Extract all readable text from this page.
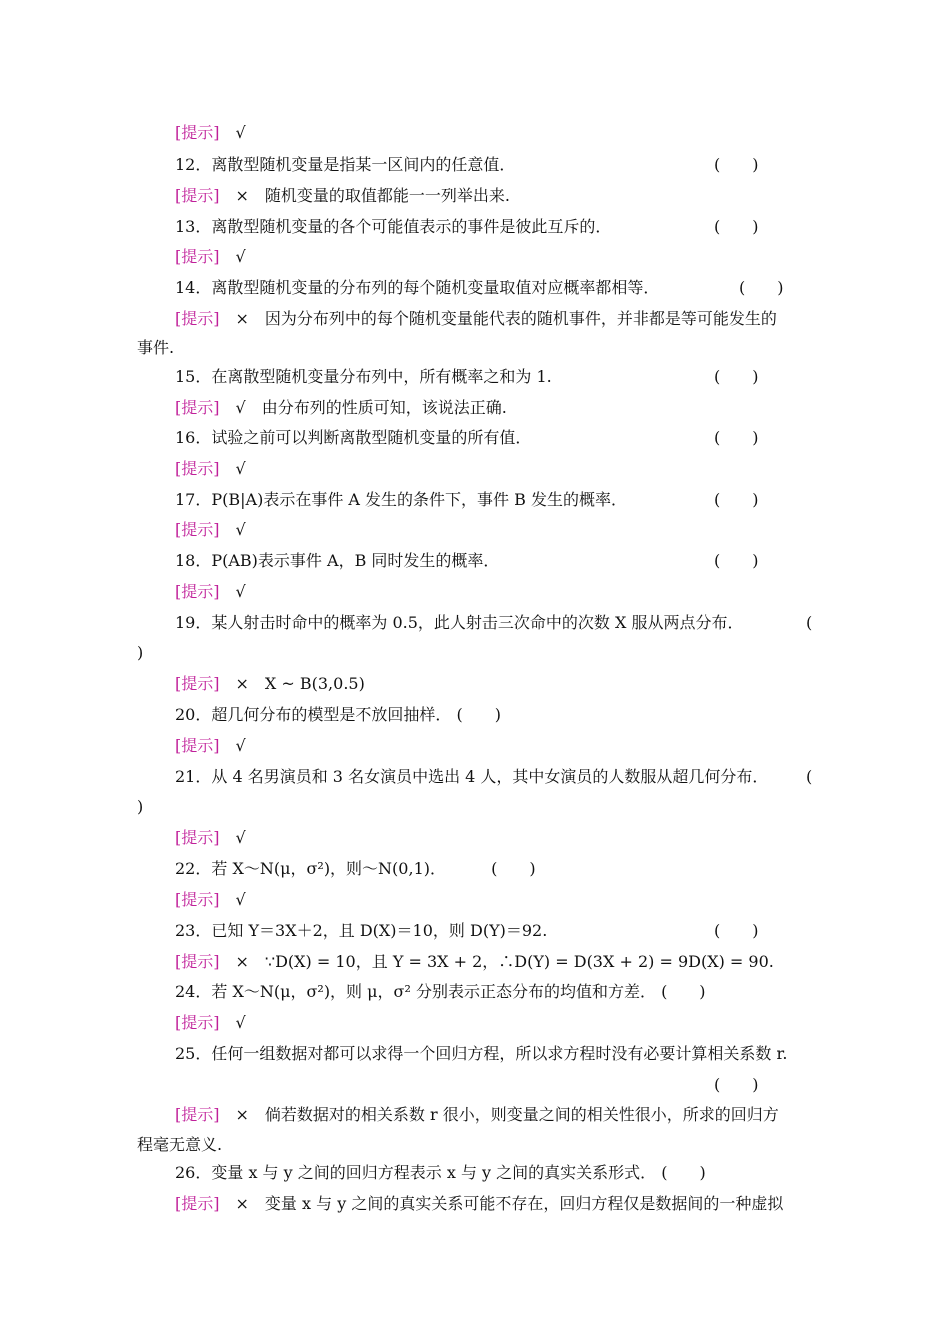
[提示] √
12．离散型随机变量是指某一区间内的任意值．	(　　)
[提示] × 随机变量的取值都能一一列举出来.
13．离散型随机变量的各个可能值表示的事件是彼此互斥的．	(　　)
[提示] √
14．离散型随机变量的分布列的每个随机变量取值对应概率都相等．	(　　)
[提示] × 因为分布列中的每个随机变量能代表的随机事件，并非都是等可能发生的
事件.
15．在离散型随机变量分布列中，所有概率之和为 1.	(　　)
[提示] √ 由分布列的性质可知，该说法正确.
16．试验之前可以判断离散型随机变量的所有值．	(　　)
[提示] √
17．P(B|A)表示在事件 A 发生的条件下，事件 B 发生的概率．	(　　)
[提示] √
18．P(AB)表示事件 A，B 同时发生的概率．	(　　)
[提示] √
19．某人射击时命中的概率为 0.5，此人射击三次命中的次数 X 服从两点分布．	(
)
[提示] × X ~ B(3,0.5)
20．超几何分布的模型是不放回抽样． (　　)
[提示] √
21．从 4 名男演员和 3 名女演员中选出 4 人，其中女演员的人数服从超几何分布． (
)
[提示] √
22．若 X～N(μ，σ²)，则～N(0,1)．	(　　)
[提示] √
23．已知 Y＝3X＋2，且 D(X)＝10，则 D(Y)＝92.	(　　)
[提示] × ∵D(X) = 10，且 Y = 3X + 2，∴D(Y) = D(3X + 2) = 9D(X) = 90.
24．若 X～N(μ，σ²)，则 μ，σ² 分别表示正态分布的均值和方差． (　　)
[提示] √
25．任何一组数据对都可以求得一个回归方程，所以求方程时没有必要计算相关系数 r.
(　　)
[提示] × 倘若数据对的相关系数 r 很小，则变量之间的相关性很小，所求的回归方
程毫无意义.
26．变量 x 与 y 之间的回归方程表示 x 与 y 之间的真实关系形式． (　　)
[提示] × 变量 x 与 y 之间的真实关系可能不存在，回归方程仅是数据间的一种虚拟
